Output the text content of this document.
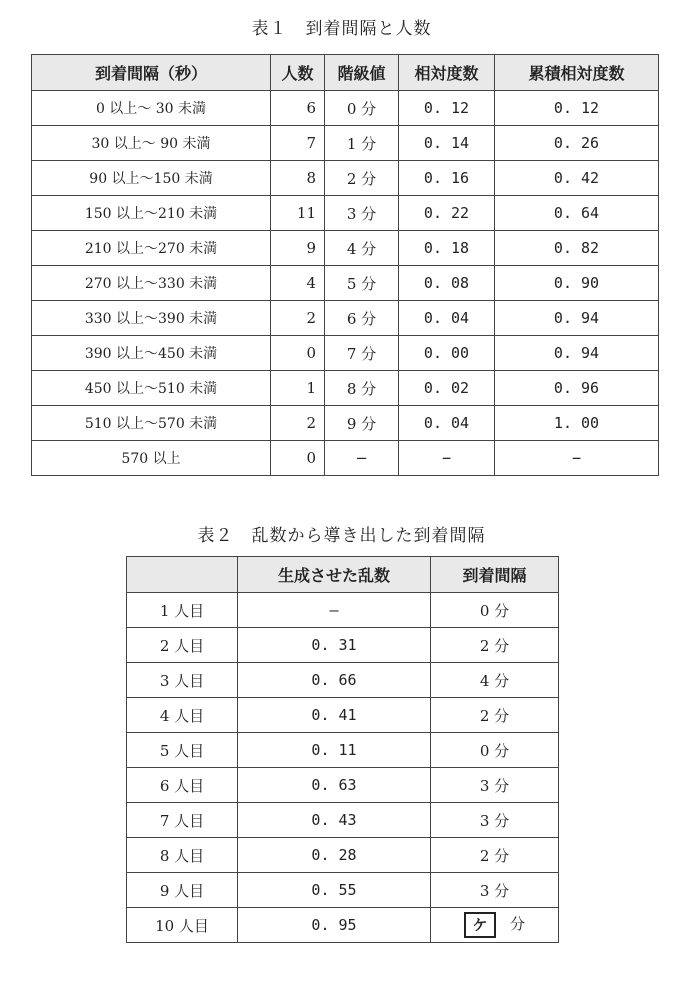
表１　到着間隔と人数
到着間隔（秒）	人数	階級値	相対度数	累積相対度数
0 以上〜 30 未満	6	0 分	0. 12	0. 12
30 以上〜 90 未満	7	1 分	0. 14	0. 26
90 以上〜150 未満	8	2 分	0. 16	0. 42
150 以上〜210 未満	11	3 分	0. 22	0. 64
210 以上〜270 未満	9	4 分	0. 18	0. 82
270 以上〜330 未満	4	5 分	0. 08	0. 90
330 以上〜390 未満	2	6 分	0. 04	0. 94
390 以上〜450 未満	0	7 分	0. 00	0. 94
450 以上〜510 未満	1	8 分	0. 02	0. 96
510 以上〜570 未満	2	9 分	0. 04	1. 00
570 以上	0	−	−	−
表２　乱数から導き出した到着間隔
	生成させた乱数	到着間隔
1 人目	—	0 分
2 人目	0. 31	2 分
3 人目	0. 66	4 分
4 人目	0. 41	2 分
5 人目	0. 11	0 分
6 人目	0. 63	3 分
7 人目	0. 43	3 分
8 人目	0. 28	2 分
9 人目	0. 55	3 分
10 人目	0. 95	ケ 分
